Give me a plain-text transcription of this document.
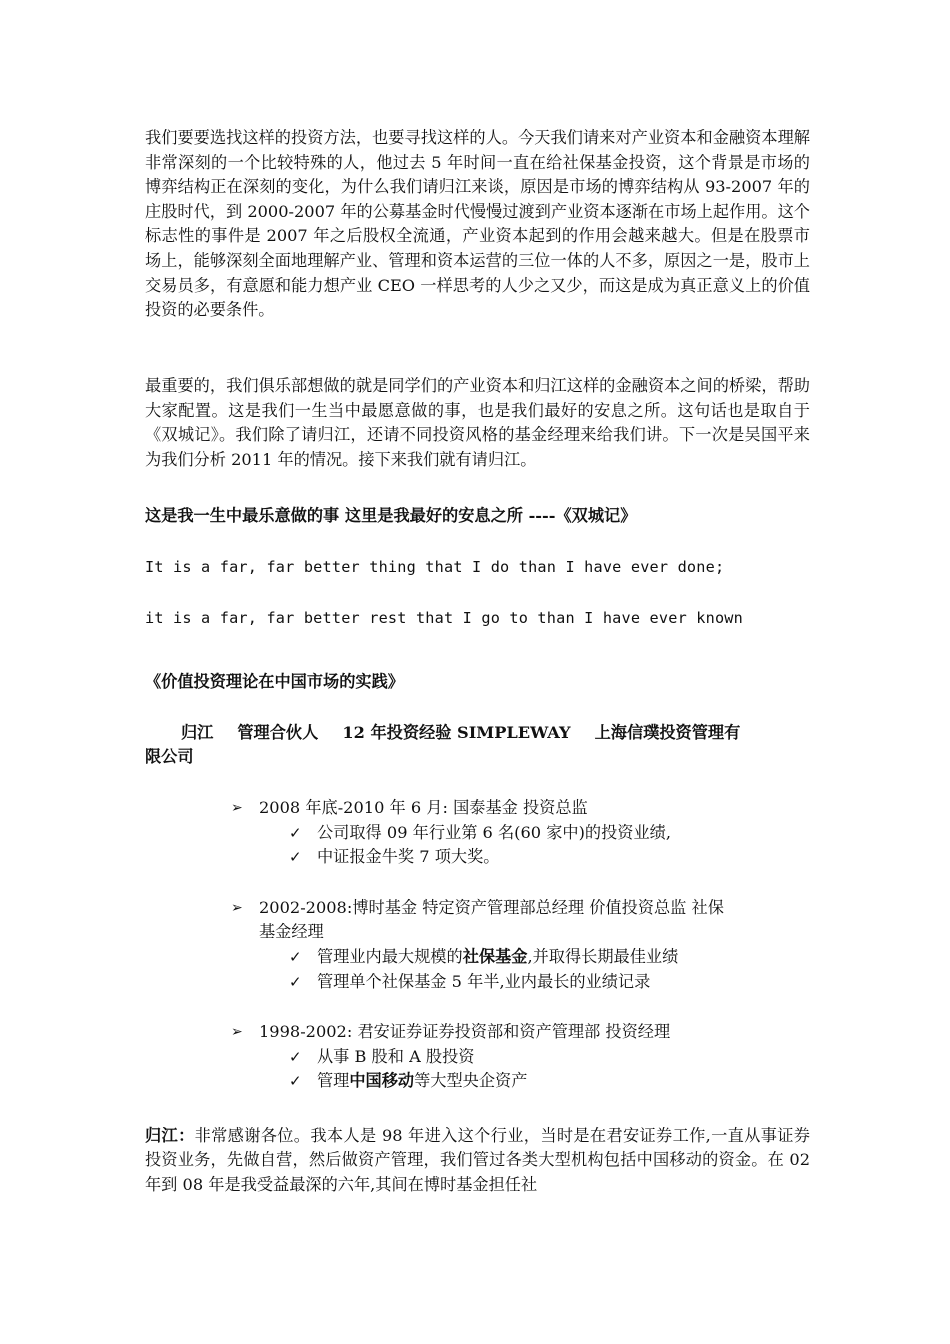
我们要要选找这样的投资方法，也要寻找这样的人。今天我们请来对产业资本和金融资本理解非常深刻的一个比较特殊的人，他过去 5 年时间一直在给社保基金投资，这个背景是市场的博弈结构正在深刻的变化，为什么我们请归江来谈，原因是市场的博弈结构从 93-2007 年的庄股时代，到 2000-2007 年的公募基金时代慢慢过渡到产业资本逐渐在市场上起作用。这个标志性的事件是 2007 年之后股权全流通，产业资本起到的作用会越来越大。但是在股票市场上，能够深刻全面地理解产业、管理和资本运营的三位一体的人不多，原因之一是，股市上交易员多，有意愿和能力想产业 CEO 一样思考的人少之又少，而这是成为真正意义上的价值投资的必要条件。

最重要的，我们俱乐部想做的就是同学们的产业资本和归江这样的金融资本之间的桥梁，帮助大家配置。这是我们一生当中最愿意做的事，也是我们最好的安息之所。这句话也是取自于《双城记》。我们除了请归江，还请不同投资风格的基金经理来给我们讲。下一次是吴国平来为我们分析 2011 年的情况。接下来我们就有请归江。

这是我一生中最乐意做的事 这里是我最好的安息之所 ----《双城记》

It is a far, far better thing that I do than I have ever done;

it is a far, far better rest that I go to than I have ever known

《价值投资理论在中国市场的实践》

归江 管理合伙人 12 年投资经验 SIMPLEWAY 上海信璞投资管理有
限公司

➢ 2008 年底-2010 年 6 月: 国泰基金 投资总监
✓ 公司取得 09 年行业第 6 名(60 家中)的投资业绩,
✓ 中证报金牛奖 7 项大奖。
➢ 2002-2008:博时基金 特定资产管理部总经理 价值投资总监 社保
基金经理
✓ 管理业内最大规模的社保基金,并取得长期最佳业绩
✓ 管理单个社保基金 5 年半,业内最长的业绩记录
➢ 1998-2002: 君安证券证券投资部和资产管理部 投资经理
✓ 从事 B 股和 A 股投资
✓ 管理中国移动等大型央企资产

归江：非常感谢各位。我本人是 98 年进入这个行业，当时是在君安证券工作,一直从事证券投资业务，先做自营，然后做资产管理，我们管过各类大型机构包括中国移动的资金。在 02 年到 08 年是我受益最深的六年,其间在博时基金担任社
